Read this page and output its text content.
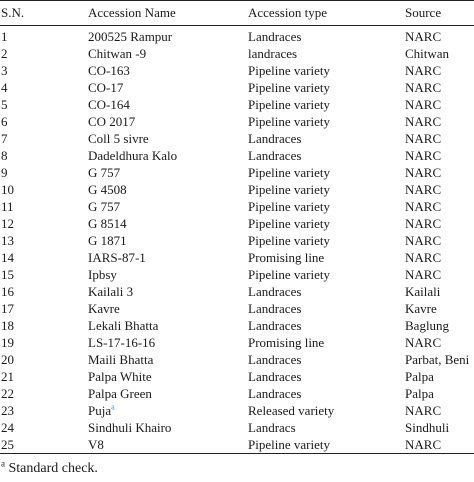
S.N.	Accession Name	Accession type	Source
1	200525 Rampur	Landraces	NARC
2	Chitwan -9	landraces	Chitwan
3	CO-163	Pipeline variety	NARC
4	CO-17	Pipeline variety	NARC
5	CO-164	Pipeline variety	NARC
6	CO 2017	Pipeline variety	NARC
7	Coll 5 sivre	Landraces	NARC
8	Dadeldhura Kalo	Landraces	NARC
9	G 757	Pipeline variety	NARC
10	G 4508	Pipeline variety	NARC
11	G 757	Pipeline variety	NARC
12	G 8514	Pipeline variety	NARC
13	G 1871	Pipeline variety	NARC
14	IARS-87-1	Promising line	NARC
15	Ipbsy	Pipeline variety	NARC
16	Kailali 3	Landraces	Kailali
17	Kavre	Landraces	Kavre
18	Lekali Bhatta	Landraces	Baglung
19	LS-17-16-16	Promising line	NARC
20	Maili Bhatta	Landraces	Parbat, Beni
21	Palpa White	Landraces	Palpa
22	Palpa Green	Landraces	Palpa
23	Puja$^a$	Released variety	NARC
24	Sindhuli Khairo	Landracs	Sindhuli
25	V8	Pipeline variety	NARC
$^a$ Standard check.
